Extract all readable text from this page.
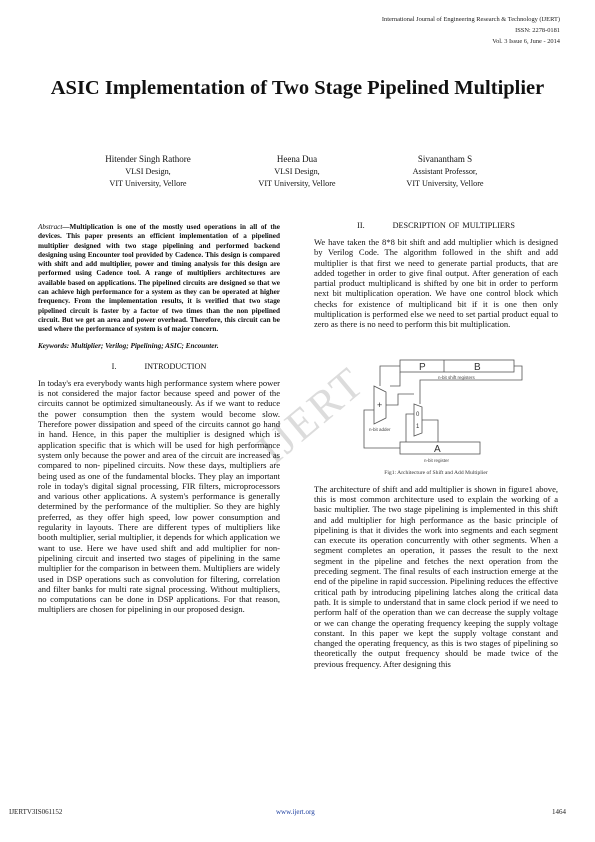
International Journal of Engineering Research & Technology (IJERT)
ISSN: 2278-0181
Vol. 3 Issue 6, June - 2014
ASIC Implementation of Two Stage Pipelined Multiplier
Hitender Singh Rathore
VLSI Design,
VIT University, Vellore
Heena Dua
VLSI Design,
VIT University, Vellore
Sivanantham S
Assistant Professor,
VIT University, Vellore
IJERT

Abstract—Multiplication is one of the mostly used operations in all of the devices. This paper presents an efficient implementation of a pipelined multiplier designed with two stage pipelining and performed backend designing using Encounter tool provided by Cadence. This design is compared with shift and add multiplier, power and timing analysis for this design are performed using Cadence tool. A range of multipliers architectures are available based on applications. The pipelined circuits are designed so that we can achieve high performance for a system as they can be operated at higher frequency. From the implementation results, it is verified that two stage pipelined circuit is faster by a factor of two times than the non pipelined circuit. But we get an area and power overhead. Therefore, this circuit can be used where the performance of system is of major concern.

Keywords: Multiplier; Verilog; Pipelining; ASIC; Encounter.

I.	INTRODUCTION

In today's era everybody wants high performance system where power is not considered the major factor because speed and power of the circuits cannot be optimized simultaneously. As if we want to reduce the power consumption then the system would become slow. Therefore power dissipation and speed of the circuits cannot go hand in hand. Hence, in this paper the multiplier is designed which is application specific that is which will be used for high performance system only because the power and area of the circuit are increased as compared to non- pipelined circuits. Now these days, multipliers are being used as one of the fundamental blocks. They play an important role in today's digital signal processing, FIR filters, microprocessors and various other applications. A system's performance is generally determined by the performance of the multiplier. So they are highly preferred, as they offer high speed, low power consumption and regularity in layouts. There are different types of multipliers like booth multiplier, serial multiplier, it depends for which application we want to use. Here we have used shift and add multiplier for non-pipelining circuit and inserted two stages of pipelining in the same multiplier for the comparison in between them. Multipliers are widely used in DSP operations such as convolution for filtering, correlation and filter banks for multi rate signal processing. Without multipliers, no computations can be done in DSP applications. For that reason, multipliers are chosen for pipelining in our proposed design.

II.	DESCRIPTION OF MULTIPLIERS

We have taken the 8*8 bit shift and add multiplier which is designed by Verilog Code. The algorithm followed in the shift and add multiplier is that first we need to generate partial products, that are added together in order to give final output. After generation of each partial product multiplicand is shifted by one bit in order to perform next bit multiplication operation. We have one control block which checks for existence of multiplicand bit if it is one then only multiplication is performed else we need to set partial product equal to zero as there is no need to perform this bit multiplication.

P	B
n-bit shift registers
+
n-bit adder
0
1
A
n-bit register

Fig1: Architecture of Shift and Add Multiplier

The architecture of shift and add multiplier is shown in figure1 above, this is most common architecture used to explain the working of a basic multiplier. The two stage pipelining is implemented in this shift and add multiplier for high performance as the basic principle of pipelining is that it divides the work into segments and each segment can execute its operation concurrently with other segments. When a segment completes an operation, it passes the result to the next segment in the pipeline and fetches the next operation from the preceding segment. The final results of each instruction emerge at the end of the pipeline in rapid succession. Pipelining reduces the effective critical path by introducing pipelining latches along the critical data path. It is simple to understand that in same clock period if we need to perform half of the operation than we can decrease the supply voltage or we can change the operating frequency keeping the supply voltage constant. In this paper we kept the supply voltage constant and changed the operating frequency, as this is two stages of pipelining so theoretically the output frequency should be made twice of the previous frequency. After designing this

IJERTV3IS061152	www.ijert.org	1464
